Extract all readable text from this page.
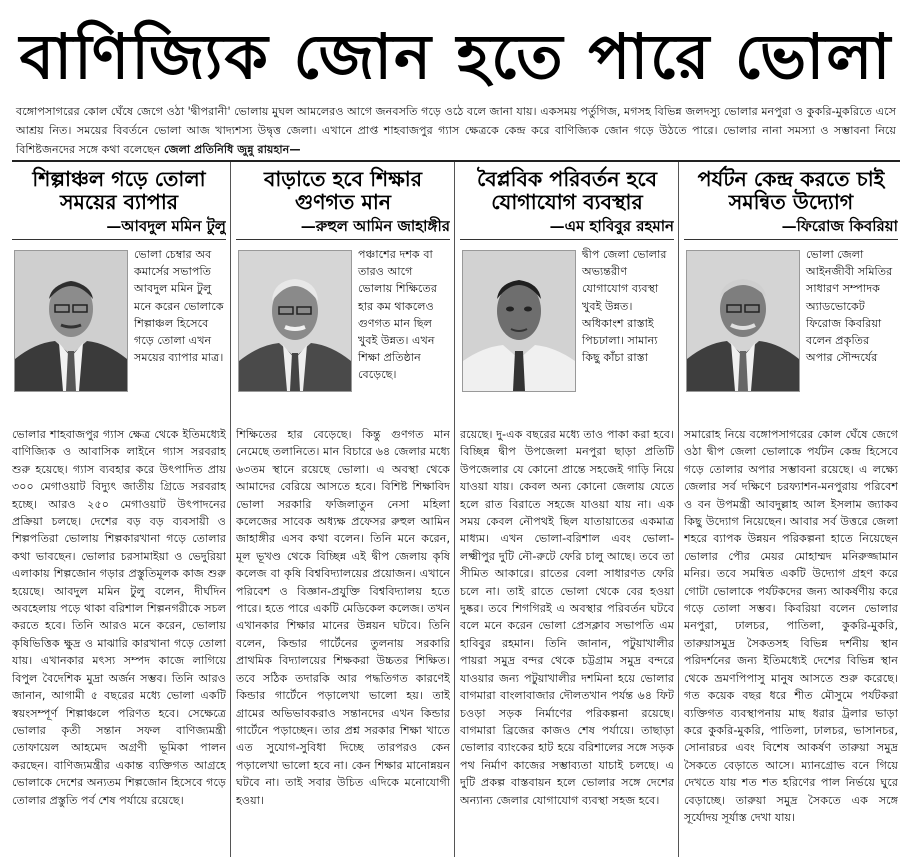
বাণিজ্যিক জোন হতে পারে ভোলা
বঙ্গোপসাগরের কোল ঘেঁষে জেগে ওঠা 'দ্বীপরানী' ভোলায় মুঘল আমলেরও আগে জনবসতি গড়ে ওঠে বলে জানা যায়। একসময় পর্তুগিজ, মগসহ বিভিন্ন জলদস্যু ভোলার মনপুরা ও কুকরি-মুকরিতে এসে আশ্রয় নিত। সময়ের বিবর্তনে ভোলা আজ খাদ্যশস্য উদ্বৃত্ত জেলা। এখানে প্রাপ্ত শাহবাজপুর গ্যাস ক্ষেত্রকে কেন্দ্র করে বাণিজ্যিক জোন গড়ে উঠতে পারে। ভোলার নানা সমস্যা ও সম্ভাবনা নিয়ে বিশিষ্টজনদের সঙ্গে কথা বলেছেন জেলা প্রতিনিধি জুন্নু রায়হান—
শিল্পাঞ্চল গড়ে তোলা সময়ের ব্যাপার
—আবদুল মমিন টুলু
ভোলা চেম্বার অব কমার্সের সভাপতি আবদুল মমিন টুলু মনে করেন ভোলাকে শিল্পাঞ্চল হিসেবে গড়ে তোলা এখন সময়ের ব্যাপার মাত্র।
ভোলার শাহবাজপুর গ্যাস ক্ষেত্র থেকে ইতিমধ্যেই বাণিজ্যিক ও আবাসিক লাইনে গ্যাস সরবরাহ শুরু হয়েছে। গ্যাস ব্যবহার করে উৎপাদিত প্রায় ৩০০ মেগাওয়াট বিদ্যুৎ জাতীয় গ্রিডে সরবরাহ হচ্ছে। আরও ২৫০ মেগাওয়াট উৎপাদনের প্রক্রিয়া চলছে। দেশের বড় বড় ব্যবসায়ী ও শিল্পপতিরা ভোলায় শিল্পকারখানা গড়ে তোলার কথা ভাবছেন। ভোলার চরসামাইয়া ও ভেদুরিয়া এলাকায় শিল্পজোন গড়ার প্রস্তুতিমূলক কাজ শুরু হয়েছে। আবদুল মমিন টুলু বলেন, দীর্ঘদিন অবহেলায় পড়ে থাকা বরিশাল শিল্পনগরীকে সচল করতে হবে। তিনি আরও মনে করেন, ভোলায় কৃষিভিত্তিক ক্ষুদ্র ও মাঝারি কারখানা গড়ে তোলা যায়। এখানকার মৎস্য সম্পদ কাজে লাগিয়ে বিপুল বৈদেশিক মুদ্রা অর্জন সম্ভব। তিনি আরও জানান, আগামী ৫ বছরের মধ্যে ভোলা একটি স্বয়ংসম্পূর্ণ শিল্পাঞ্চলে পরিণত হবে। সেক্ষেত্রে ভোলার কৃতী সন্তান সফল বাণিজ্যমন্ত্রী তোফায়েল আহমেদ অগ্রণী ভূমিকা পালন করছেন। বাণিজ্যমন্ত্রীর একান্ত ব্যক্তিগত আগ্রহে ভোলাকে দেশের অন্যতম শিল্পজোন হিসেবে গড়ে তোলার প্রস্তুতি পর্ব শেষ পর্যায়ে রয়েছে।
বাড়াতে হবে শিক্ষার গুণগত মান
—রুহুল আমিন জাহাঙ্গীর
পঞ্চাশের দশক বা তারও আগে ভোলায় শিক্ষিতের হার কম থাকলেও গুণগত মান ছিল খুবই উন্নত। এখন শিক্ষা প্রতিষ্ঠান বেড়েছে।
শিক্ষিতের হার বেড়েছে। কিন্তু গুণগত মান নেমেছে তলানিতে। মান বিচারে ৬৪ জেলার মধ্যে ৬৩তম স্থানে রয়েছে ভোলা। এ অবস্থা থেকে আমাদের বেরিয়ে আসতে হবে। বিশিষ্ট শিক্ষাবিদ ভোলা সরকারি ফজিলাতুন নেসা মহিলা কলেজের সাবেক অধ্যক্ষ প্রফেসর রুহুল আমিন জাহাঙ্গীর এসব কথা বলেন। তিনি মনে করেন, মূল ভূখণ্ড থেকে বিচ্ছিন্ন এই দ্বীপ জেলায় কৃষি কলেজ বা কৃষি বিশ্ববিদ্যালয়ের প্রয়োজন। এখানে পরিবেশ ও বিজ্ঞান-প্রযুক্তি বিশ্ববিদ্যালয় হতে পারে। হতে পারে একটি মেডিকেল কলেজ। তখন এখানকার শিক্ষার মানের উন্নয়ন ঘটবে। তিনি বলেন, কিন্ডার গার্টেনের তুলনায় সরকারি প্রাথমিক বিদ্যালয়ের শিক্ষকরা উচ্চতর শিক্ষিত। তবে সঠিক তদারকি আর পদ্ধতিগত কারণেই কিন্ডার গার্টেনে পড়ালেখা ভালো হয়। তাই গ্রামের অভিভাবকরাও সন্তানদের এখন কিন্ডার গার্টেনে পড়াচ্ছেন। তার প্রশ্ন সরকার শিক্ষা খাতে এত সুযোগ-সুবিধা দিচ্ছে তারপরও কেন পড়ালেখা ভালো হবে না। কেন শিক্ষার মানোন্নয়ন ঘটবে না। তাই সবার উচিত এদিকে মনোযোগী হওয়া।
বৈপ্লবিক পরিবর্তন হবে যোগাযোগ ব্যবস্থার
—এম হাবিবুর রহমান
দ্বীপ জেলা ভোলার অভ্যন্তরীণ যোগাযোগ ব্যবস্থা খুবই উন্নত। অধিকাংশ রাস্তাই পিচঢালা। সামান্য কিছু কাঁচা রাস্তা
রয়েছে। দু-এক বছরের মধ্যে তাও পাকা করা হবে। বিচ্ছিন্ন দ্বীপ উপজেলা মনপুরা ছাড়া প্রতিটি উপজেলার যে কোনো প্রান্তে সহজেই গাড়ি নিয়ে যাওয়া যায়। কেবল অন্য কোনো জেলায় যেতে হলে রাত বিরাতে সহজে যাওয়া যায় না। এক সময় কেবল নৌপথই ছিল যাতায়াতের একমাত্র মাধ্যম। এখন ভোলা-বরিশাল এবং ভোলা-লক্ষ্মীপুর দুটি নৌ-রুটে ফেরি চালু আছে। তবে তা সীমিত আকারে। রাতের বেলা সাধারণত ফেরি চলে না। তাই রাতে ভোলা থেকে বের হওয়া দুষ্কর। তবে শিগগিরই এ অবস্থার পরিবর্তন ঘটবে বলে মনে করেন ভোলা প্রেসক্লাব সভাপতি এম হাবিবুর রহমান। তিনি জানান, পটুয়াখালীর পায়রা সমুদ্র বন্দর থেকে চট্টগ্রাম সমুদ্র বন্দরে যাওয়ার জন্য পটুয়াখালীর দশমিনা হয়ে ভোলার বাগমারা বাংলাবাজার দৌলতখান পর্যন্ত ৬৪ ফিট চওড়া সড়ক নির্মাণের পরিকল্পনা রয়েছে। বাগমারা ব্রিজের কাজও শেষ পর্যায়ে। তাছাড়া ভোলার ব্যাংকের হাট হয়ে বরিশালের সঙ্গে সড়ক পথ নির্মাণ কাজের সম্ভাব্যতা যাচাই চলছে। এ দুটি প্রকল্প বাস্তবায়ন হলে ভোলার সঙ্গে দেশের অন্যান্য জেলার যোগাযোগ ব্যবস্থা সহজ হবে।
পর্যটন কেন্দ্র করতে চাই সমন্বিত উদ্যোগ
—ফিরোজ কিবরিয়া
ভোলা জেলা আইনজীবী সমিতির সাধারণ সম্পাদক অ্যাডভোকেট ফিরোজ কিবরিয়া বলেন প্রকৃতির অপার সৌন্দর্যের
সমারোহ নিয়ে বঙ্গোপসাগরের কোল ঘেঁষে জেগে ওঠা দ্বীপ জেলা ভোলাকে পর্যটন কেন্দ্র হিসেবে গড়ে তোলার অপার সম্ভাবনা রয়েছে। এ লক্ষ্যে জেলার সর্ব দক্ষিণে চরফ্যাশন-মনপুরায় পরিবেশ ও বন উপমন্ত্রী আবদুল্লাহ আল ইসলাম জ্যাকব কিছু উদ্যোগ নিয়েছেন। আবার সর্ব উত্তরে জেলা শহরে ব্যাপক উন্নয়ন পরিকল্পনা হাতে নিয়েছেন ভোলার পৌর মেয়র মোহাম্মদ মনিরুজ্জামান মনির। তবে সমন্বিত একটি উদ্যোগ গ্রহণ করে গোটা ভোলাকে পর্যটকদের জন্য আকর্ষণীয় করে গড়ে তোলা সম্ভব। কিবরিয়া বলেন ভোলার মনপুরা, ঢালচর, পাতিলা, কুকরি-মুকরি, তারুয়াসমুদ্র সৈকতসহ বিভিন্ন দর্শনীয় স্থান পরিদর্শনের জন্য ইতিমধ্যেই দেশের বিভিন্ন স্থান থেকে ভ্রমণপিপাসু মানুষ আসতে শুরু করেছে। গত কয়েক বছর ধরে শীত মৌসুমে পর্যটকরা ব্যক্তিগত ব্যবস্থাপনায় মাছ ধরার ট্রলার ভাড়া করে কুকরি-মুকরি, পাতিলা, ঢালচর, ভাসানচর, সোনারচর এবং বিশেষ আকর্ষণ তারুয়া সমুদ্র সৈকতে বেড়াতে আসে। ম্যানগ্রোভ বনে গিয়ে দেখতে যায় শত শত হরিণের পাল নির্ভয়ে ঘুরে বেড়াচ্ছে। তারুয়া সমুদ্র সৈকতে এক সঙ্গে সূর্যোদয় সূর্যাস্ত দেখা যায়।
